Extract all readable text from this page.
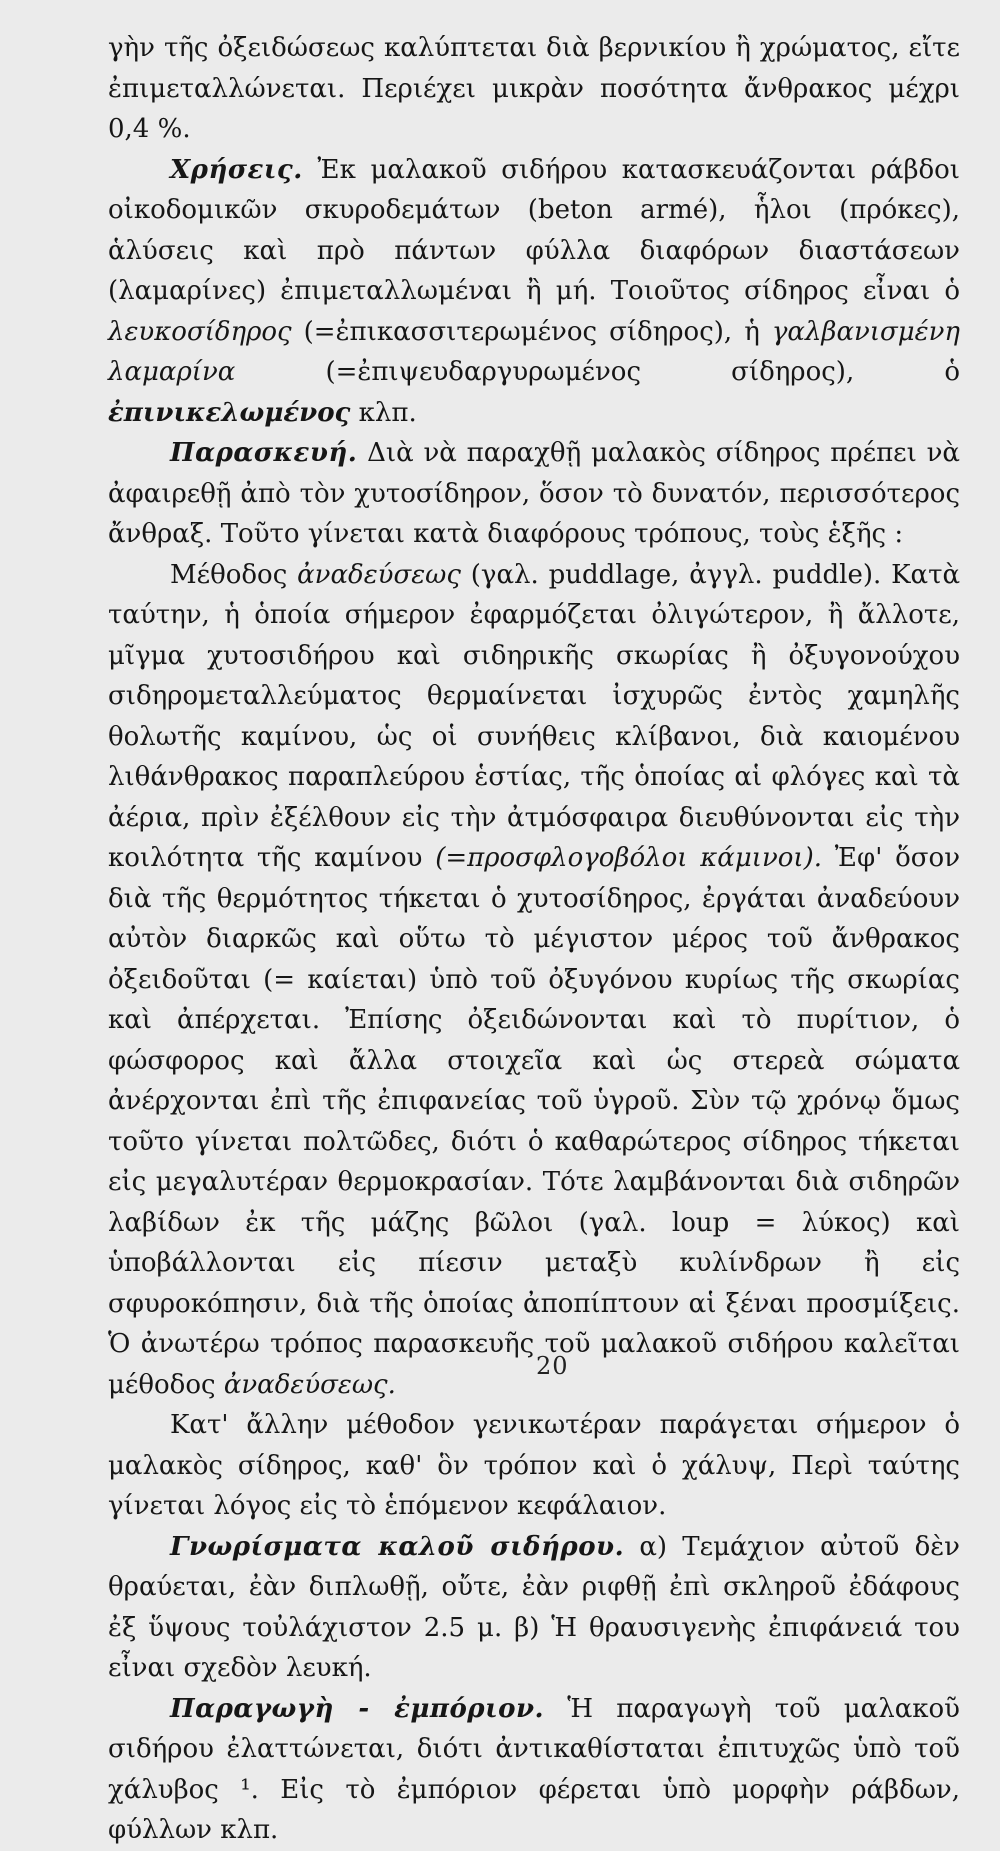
γὴν τῆς ὀξειδώσεως καλύπτεται διὰ βερνικίου ἢ χρώματος, εἴτε ἐπιμεταλλώνεται. Περιέχει μικρὰν ποσότητα ἄνθρακος μέχρι 0,4 %.

Χρήσεις. Ἐκ μαλακοῦ σιδήρου κατασκευάζονται ράβδοι οἰκοδομικῶν σκυροδεμάτων (beton armé), ἧλοι (πρόκες), ἁλύσεις καὶ πρὸ πάντων φύλλα διαφόρων διαστάσεων (λαμαρίνες) ἐπιμεταλλωμέναι ἢ μή. Τοιοῦτος σίδηρος εἶναι ὁ λευκοσίδηρος (=ἐπικασσιτερωμένος σίδηρος), ἡ γαλβανισμένη λαμαρίνα (=ἐπιψευδαργυρωμένος σίδηρος), ὁ ἐπινικελωμένος κλπ.

Παρασκευή. Διὰ νὰ παραχθῇ μαλακὸς σίδηρος πρέπει νὰ ἀφαιρεθῇ ἀπὸ τὸν χυτοσίδηρον, ὅσον τὸ δυνατόν, περισσότερος ἄνθραξ. Τοῦτο γίνεται κατὰ διαφόρους τρόπους, τοὺς ἑξῆς :

Μέθοδος ἀναδεύσεως (γαλ. puddlage, ἀγγλ. puddle). Κατὰ ταύτην, ἡ ὁποία σήμερον ἐφαρμόζεται ὀλιγώτερον, ἢ ἄλλοτε, μῖγμα χυτοσιδήρου καὶ σιδηρικῆς σκωρίας ἢ ὀξυγονούχου σιδηρομεταλλεύματος θερμαίνεται ἰσχυρῶς ἐντὸς χαμηλῆς θολωτῆς καμίνου, ὡς οἱ συνήθεις κλίβανοι, διὰ καιομένου λιθάνθρακος παραπλεύρου ἑστίας, τῆς ὁποίας αἱ φλόγες καὶ τὰ ἀέρια, πρὶν ἐξέλθουν εἰς τὴν ἀτμόσφαιρα διευθύνονται εἰς τὴν κοιλότητα τῆς καμίνου (=προσφλογοβόλοι κάμινοι). Ἐφ' ὅσον διὰ τῆς θερμότητος τήκεται ὁ χυτοσίδηρος, ἐργάται ἀναδεύουν αὐτὸν διαρκῶς καὶ οὕτω τὸ μέγιστον μέρος τοῦ ἄνθρακος ὀξειδοῦται (= καίεται) ὑπὸ τοῦ ὀξυγόνου κυρίως τῆς σκωρίας καὶ ἀπέρχεται. Ἐπίσης ὀξειδώνονται καὶ τὸ πυρίτιον, ὁ φώσφορος καὶ ἄλλα στοιχεῖα καὶ ὡς στερεὰ σώματα ἀνέρχονται ἐπὶ τῆς ἐπιφανείας τοῦ ὑγροῦ. Σὺν τῷ χρόνῳ ὅμως τοῦτο γίνεται πολτῶδες, διότι ὁ καθαρώτερος σίδηρος τήκεται εἰς μεγαλυτέραν θερμοκρασίαν. Τότε λαμβάνονται διὰ σιδηρῶν λαβίδων ἐκ τῆς μάζης βῶλοι (γαλ. loup = λύκος) καὶ ὑποβάλλονται εἰς πίεσιν μεταξὺ κυλίνδρων ἢ εἰς σφυροκόπησιν, διὰ τῆς ὁποίας ἀποπίπτουν αἱ ξέναι προσμίξεις. Ὁ ἀνωτέρω τρόπος παρασκευῆς τοῦ μαλακοῦ σιδήρου καλεῖται μέθοδος ἀναδεύσεως.

Κατ' ἄλλην μέθοδον γενικωτέραν παράγεται σήμερον ὁ μαλακὸς σίδηρος, καθ' ὃν τρόπον καὶ ὁ χάλυψ, Περὶ ταύτης γίνεται λόγος εἰς τὸ ἑπόμενον κεφάλαιον.

Γνωρίσματα καλοῦ σιδήρου. α) Τεμάχιον αὐτοῦ δὲν θραύεται, ἐὰν διπλωθῇ, οὔτε, ἐὰν ριφθῇ ἐπὶ σκληροῦ ἐδάφους ἐξ ὕψους τοὐλάχιστον 2.5 μ. β) Ἡ θραυσιγενὴς ἐπιφάνειά του εἶναι σχεδὸν λευκή.

Παραγωγὴ - ἐμπόριον. Ἡ παραγωγὴ τοῦ μαλακοῦ σιδήρου ἐλαττώνεται, διότι ἀντικαθίσταται ἐπιτυχῶς ὑπὸ τοῦ χάλυβος ¹. Εἰς τὸ ἐμπόριον φέρεται ὑπὸ μορφὴν ράβδων, φύλλων κλπ.

20
